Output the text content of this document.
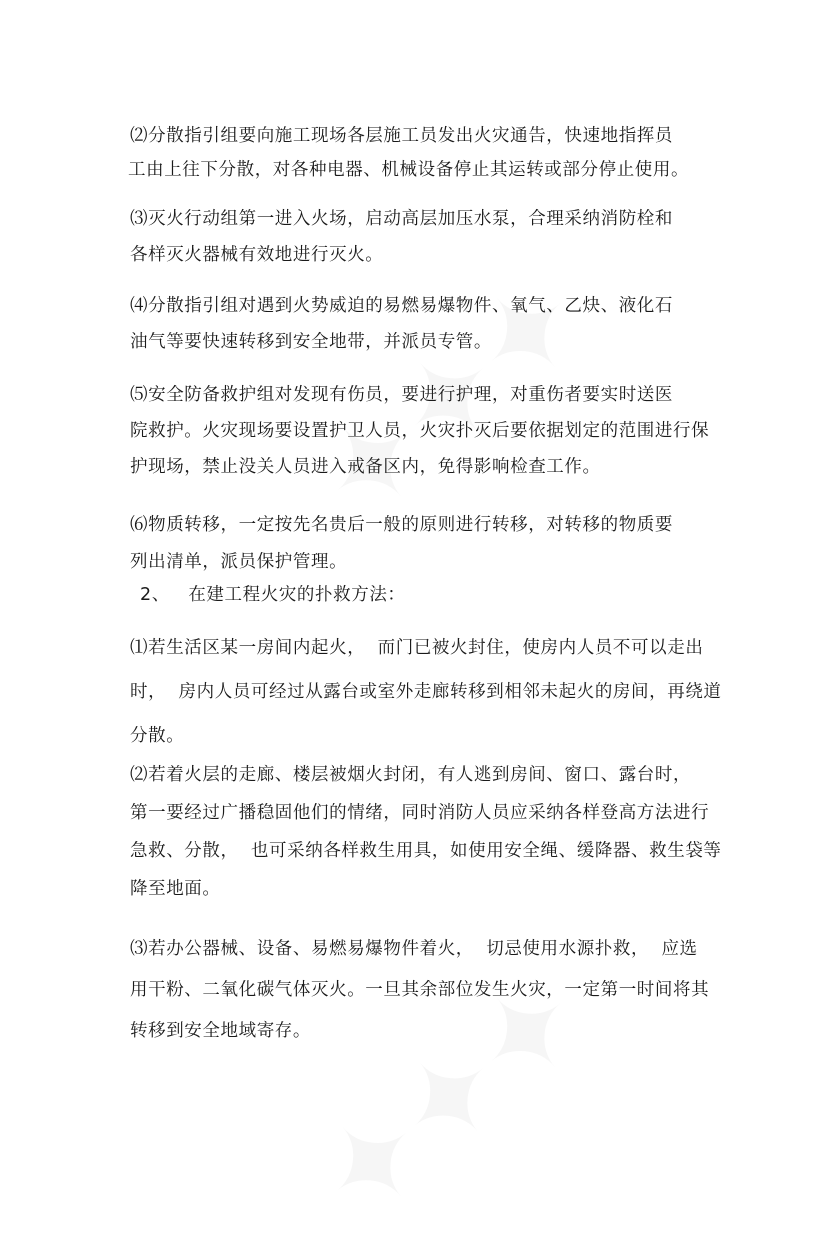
⑵分散指引组要向施工现场各层施工员发出火灾通告，快速地指挥员
工由上往下分散，对各种电器、机械设备停止其运转或部分停止使用。
⑶灭火行动组第一进入火场，启动高层加压水泵，合理采纳消防栓和
各样灭火器械有效地进行灭火。
⑷分散指引组对遇到火势威迫的易燃易爆物件、氧气、乙炔、液化石
油气等要快速转移到安全地带，并派员专管。
⑸安全防备救护组对发现有伤员，要进行护理，对重伤者要实时送医
院救护。火灾现场要设置护卫人员，火灾扑灭后要依据划定的范围进行保
护现场，禁止没关人员进入戒备区内，免得影响检查工作。
⑹物质转移，一定按先名贵后一般的原则进行转移，对转移的物质要
列出清单，派员保护管理。
2、   在建工程火灾的扑救方法：
⑴若生活区某一房间内起火，  而门已被火封住，使房内人员不可以走出
时，  房内人员可经过从露台或室外走廊转移到相邻未起火的房间，再绕道
分散。
⑵若着火层的走廊、楼层被烟火封闭，有人逃到房间、窗口、露台时，
第一要经过广播稳固他们的情绪，同时消防人员应采纳各样登高方法进行
急救、分散，  也可采纳各样救生用具，如使用安全绳、缓降器、救生袋等
降至地面。
⑶若办公器械、设备、易燃易爆物件着火，  切忌使用水源扑救，  应选
用干粉、二氧化碳气体灭火。一旦其余部位发生火灾，一定第一时间将其
转移到安全地域寄存。
